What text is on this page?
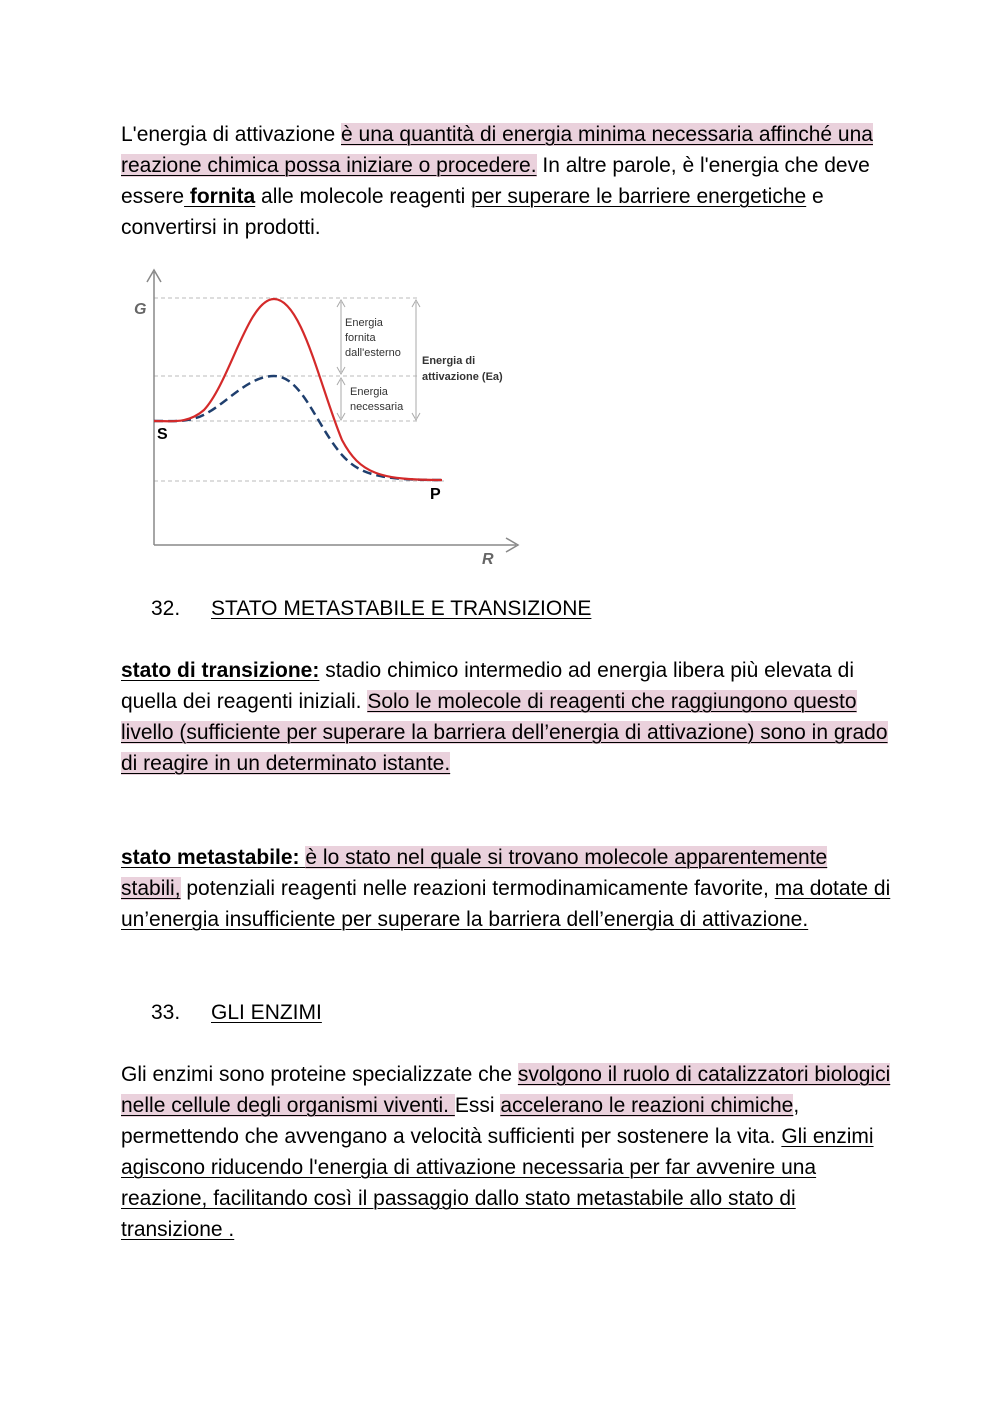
L'energia di attivazione è una quantità di energia minima necessaria affinché una reazione chimica possa iniziare o procedere. In altre parole, è l'energia che deve essere fornita alle molecole reagenti per superare le barriere energetiche e convertirsi in prodotti.

G
R
S
P
Energia
fornita
dall'esterno
Energia
necessaria
Energia di
attivazione (Ea)

32. STATO METASTABILE E TRANSIZIONE

stato di transizione: stadio chimico intermedio ad energia libera più elevata di quella dei reagenti iniziali. Solo le molecole di reagenti che raggiungono questo livello (sufficiente per superare la barriera dell’energia di attivazione) sono in grado di reagire in un determinato istante.

stato metastabile: è lo stato nel quale si trovano molecole apparentemente stabili, potenziali reagenti nelle reazioni termodinamicamente favorite, ma dotate di un’energia insufficiente per superare la barriera dell’energia di attivazione.

33. GLI ENZIMI

Gli enzimi sono proteine specializzate che svolgono il ruolo di catalizzatori biologici nelle cellule degli organismi viventi. Essi accelerano le reazioni chimiche, permettendo che avvengano a velocità sufficienti per sostenere la vita. Gli enzimi agiscono riducendo l'energia di attivazione necessaria per far avvenire una reazione, facilitando così il passaggio dallo stato metastabile allo stato di transizione .
